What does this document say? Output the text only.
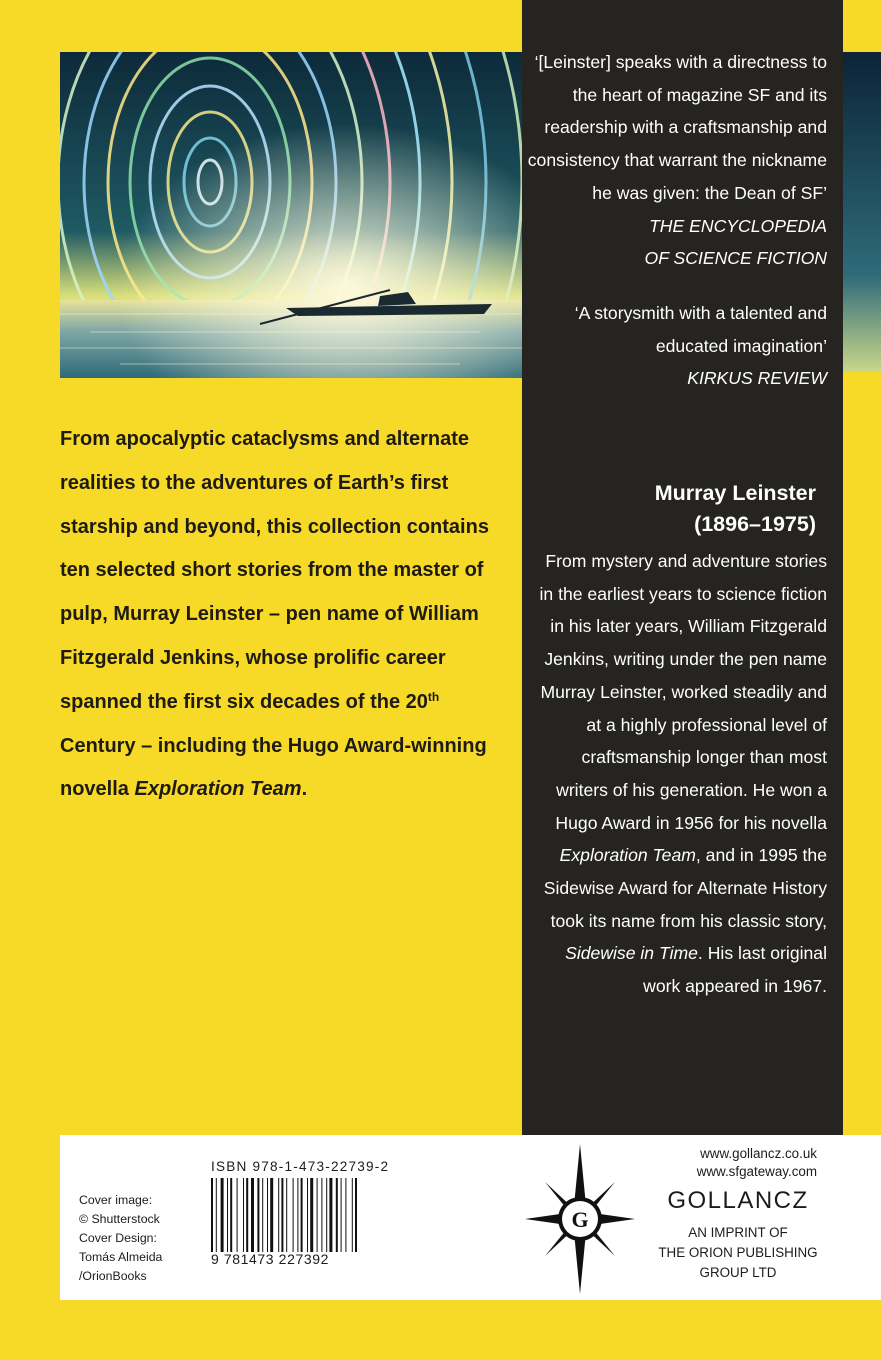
‘[Leinster] speaks with a directness to the heart of magazine SF and its readership with a craftsmanship and consistency that warrant the nickname he was given: the Dean of SF’
THE ENCYCLOPEDIA
OF SCIENCE FICTION

‘A storysmith with a talented and educated imagination’
KIRKUS REVIEW

Murray Leinster
(1896–1975)
From mystery and adventure stories in the earliest years to science fiction in his later years, William Fitzgerald Jenkins, writing under the pen name Murray Leinster, worked steadily and at a highly professional level of craftsmanship longer than most writers of his generation. He won a Hugo Award in 1956 for his novella Exploration Team, and in 1995 the Sidewise Award for Alternate History took its name from his classic story, Sidewise in Time. His last original work appeared in 1967.
From apocalyptic cataclysms and alternate realities to the adventures of Earth’s first starship and beyond, this collection contains ten selected short stories from the master of pulp, Murray Leinster – pen name of William Fitzgerald Jenkins, whose prolific career spanned the first six decades of the 20th Century – including the Hugo Award-winning novella Exploration Team.
Cover image:
© Shutterstock
Cover Design:
Tomás Almeida
/OrionBooks
ISBN 978-1-473-22739-2
9 781473 227392
G
www.gollancz.co.uk
www.sfgateway.com
GOLLANCZ
AN IMPRINT OF
THE ORION PUBLISHING
GROUP LTD
